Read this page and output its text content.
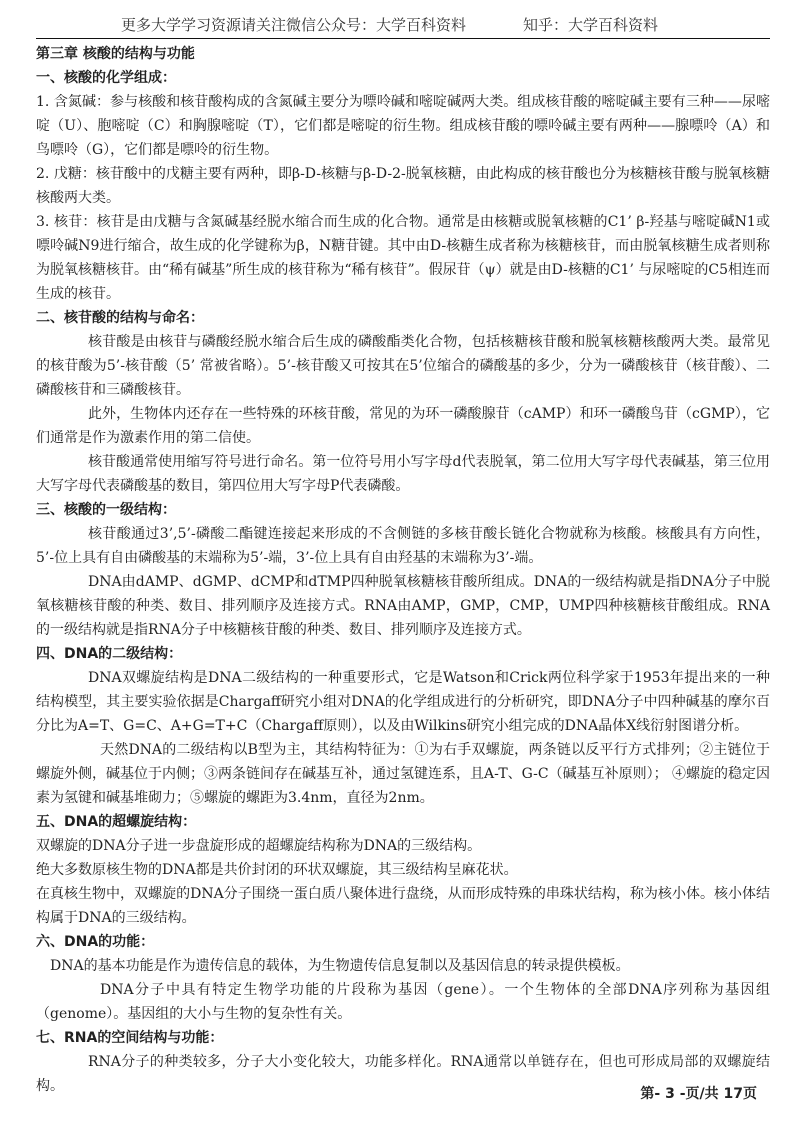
更多大学学习资源请关注微信公众号：大学百科资料	知乎：大学百科资料

第三章 核酸的结构与功能

一、核酸的化学组成：

1. 含氮碱：参与核酸和核苷酸构成的含氮碱主要分为嘌呤碱和嘧啶碱两大类。组成核苷酸的嘧啶碱主要有三种——尿嘧啶（U）、胞嘧啶（C）和胸腺嘧啶（T），它们都是嘧啶的衍生物。组成核苷酸的嘌呤碱主要有两种——腺嘌呤（A）和鸟嘌呤（G），它们都是嘌呤的衍生物。

2. 戊糖：核苷酸中的戊糖主要有两种，即β-D-核糖与β-D-2-脱氧核糖，由此构成的核苷酸也分为核糖核苷酸与脱氧核糖核酸两大类。

3. 核苷：核苷是由戊糖与含氮碱基经脱水缩合而生成的化合物。通常是由核糖或脱氧核糖的C1’ β-羟基与嘧啶碱N1或嘌呤碱N9进行缩合，故生成的化学键称为β，N糖苷键。其中由D-核糖生成者称为核糖核苷，而由脱氧核糖生成者则称为脱氧核糖核苷。由“稀有碱基”所生成的核苷称为“稀有核苷”。假尿苷（ψ）就是由D-核糖的C1’ 与尿嘧啶的C5相连而生成的核苷。

二、核苷酸的结构与命名：

核苷酸是由核苷与磷酸经脱水缩合后生成的磷酸酯类化合物，包括核糖核苷酸和脱氧核糖核酸两大类。最常见的核苷酸为5’-核苷酸（5’ 常被省略）。5’-核苷酸又可按其在5’位缩合的磷酸基的多少，分为一磷酸核苷（核苷酸）、二磷酸核苷和三磷酸核苷。

此外，生物体内还存在一些特殊的环核苷酸，常见的为环一磷酸腺苷（cAMP）和环一磷酸鸟苷（cGMP），它们通常是作为激素作用的第二信使。

核苷酸通常使用缩写符号进行命名。第一位符号用小写字母d代表脱氧，第二位用大写字母代表碱基，第三位用大写字母代表磷酸基的数目，第四位用大写字母P代表磷酸。

三、核酸的一级结构：

核苷酸通过3’,5’-磷酸二酯键连接起来形成的不含侧链的多核苷酸长链化合物就称为核酸。核酸具有方向性，5’-位上具有自由磷酸基的末端称为5’-端，3’-位上具有自由羟基的末端称为3’-端。

DNA由dAMP、dGMP、dCMP和dTMP四种脱氧核糖核苷酸所组成。DNA的一级结构就是指DNA分子中脱氧核糖核苷酸的种类、数目、排列顺序及连接方式。RNA由AMP，GMP，CMP，UMP四种核糖核苷酸组成。RNA的一级结构就是指RNA分子中核糖核苷酸的种类、数目、排列顺序及连接方式。

四、DNA的二级结构：

DNA双螺旋结构是DNA二级结构的一种重要形式，它是Watson和Crick两位科学家于1953年提出来的一种结构模型，其主要实验依据是Chargaff研究小组对DNA的化学组成进行的分析研究，即DNA分子中四种碱基的摩尔百分比为A=T、G=C、A+G=T+C（Chargaff原则），以及由Wilkins研究小组完成的DNA晶体X线衍射图谱分析。

天然DNA的二级结构以B型为主，其结构特征为：①为右手双螺旋，两条链以反平行方式排列；②主链位于螺旋外侧，碱基位于内侧；③两条链间存在碱基互补，通过氢键连系，且A-T、G-C（碱基互补原则）； ④螺旋的稳定因素为氢键和碱基堆砌力；⑤螺旋的螺距为3.4nm，直径为2nm。

五、DNA的超螺旋结构：

双螺旋的DNA分子进一步盘旋形成的超螺旋结构称为DNA的三级结构。

绝大多数原核生物的DNA都是共价封闭的环状双螺旋，其三级结构呈麻花状。

在真核生物中，双螺旋的DNA分子围绕一蛋白质八聚体进行盘绕，从而形成特殊的串珠状结构，称为核小体。核小体结构属于DNA的三级结构。

六、DNA的功能：

DNA的基本功能是作为遗传信息的载体，为生物遗传信息复制以及基因信息的转录提供模板。

DNA分子中具有特定生物学功能的片段称为基因（gene）。一个生物体的全部DNA序列称为基因组（genome）。基因组的大小与生物的复杂性有关。

七、RNA的空间结构与功能：

RNA分子的种类较多，分子大小变化较大，功能多样化。RNA通常以单链存在，但也可形成局部的双螺旋结构。	第- 3 -页/共 17页
